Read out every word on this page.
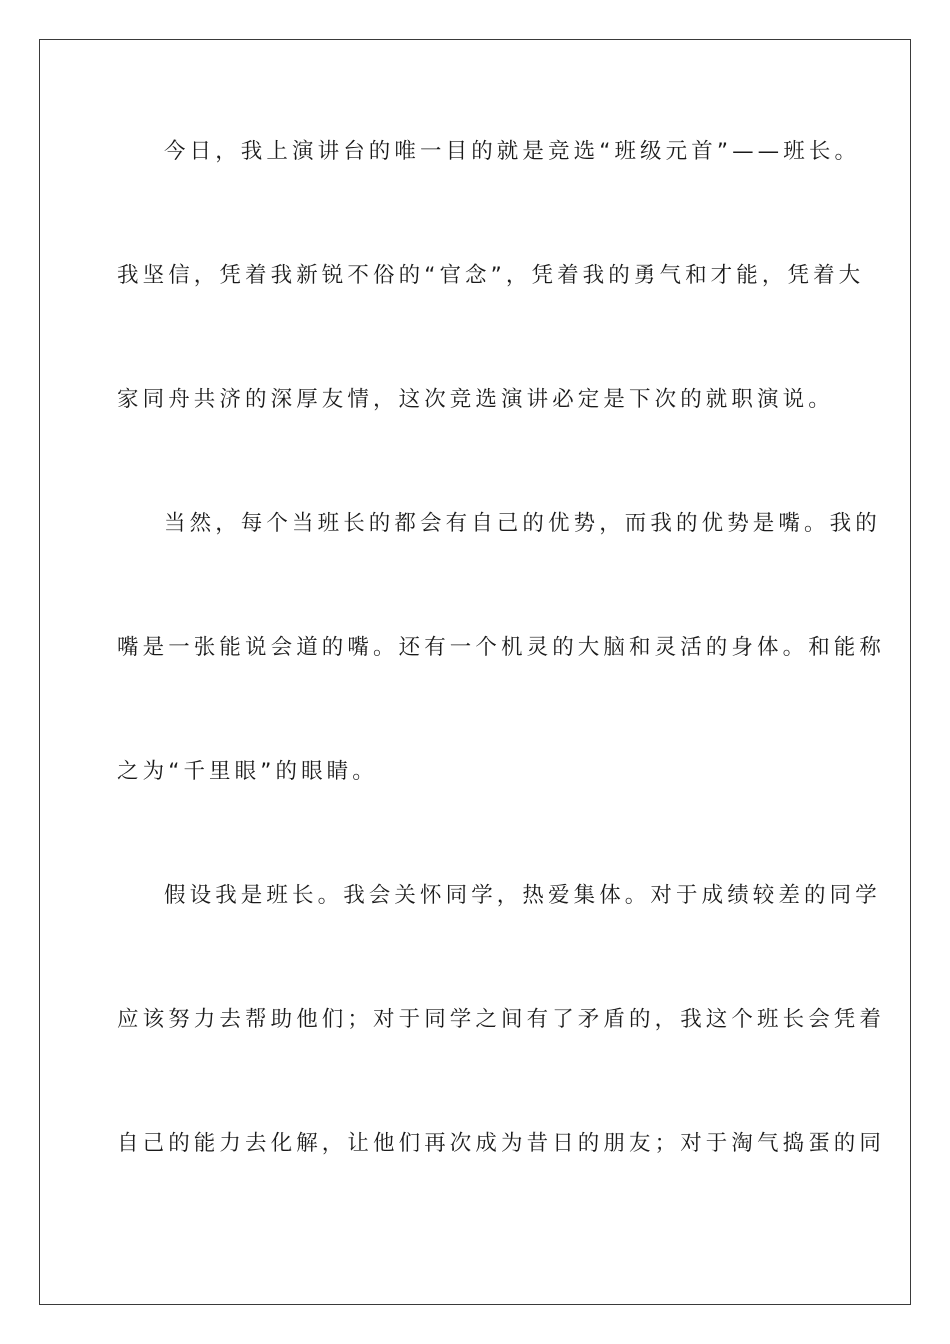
今日，我上演讲台的唯一目的就是竞选“班级元首”——班长。
我坚信，凭着我新锐不俗的“官念”，凭着我的勇气和才能，凭着大
家同舟共济的深厚友情，这次竞选演讲必定是下次的就职演说。
当然，每个当班长的都会有自己的优势，而我的优势是嘴。我的
嘴是一张能说会道的嘴。还有一个机灵的大脑和灵活的身体。和能称
之为“千里眼”的眼睛。
假设我是班长。我会关怀同学，热爱集体。对于成绩较差的同学
应该努力去帮助他们；对于同学之间有了矛盾的，我这个班长会凭着
自己的能力去化解，让他们再次成为昔日的朋友；对于淘气捣蛋的同
